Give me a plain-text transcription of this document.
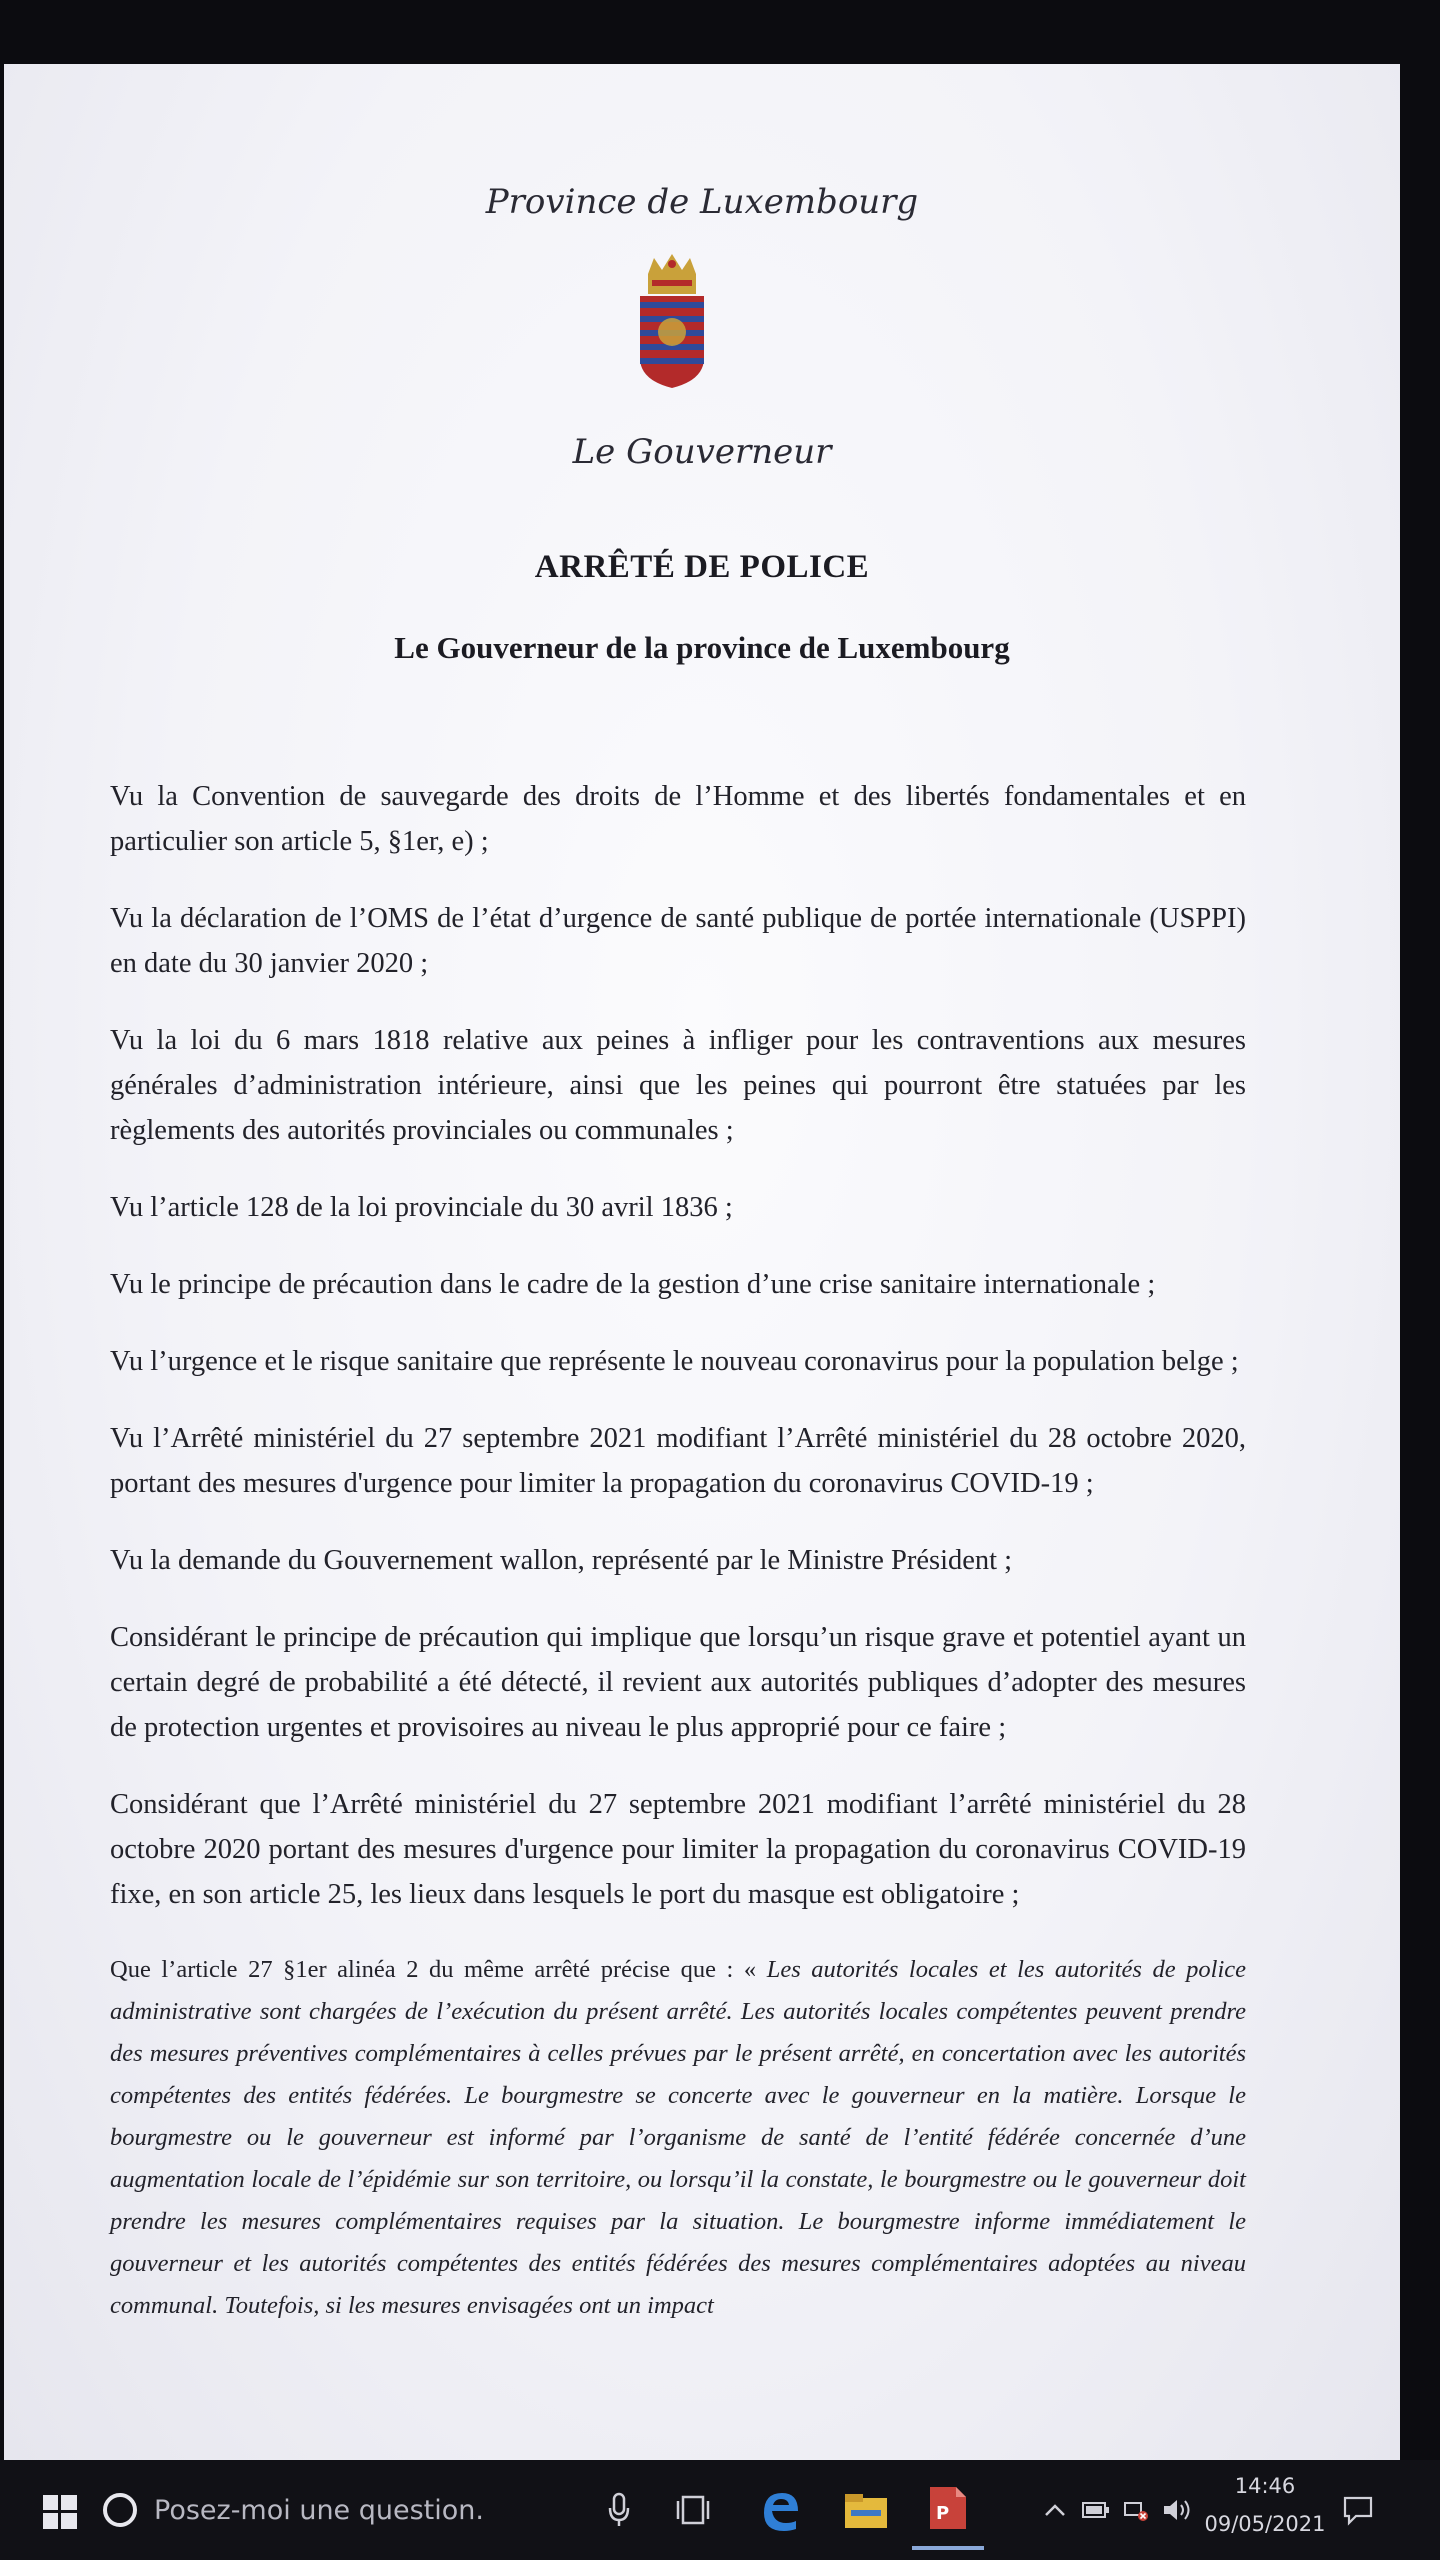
Province de Luxembourg
Le Gouverneur
ARRÊTÉ DE POLICE
Le Gouverneur de la province de Luxembourg

Vu la Convention de sauvegarde des droits de l’Homme et des libertés fondamentales et en particulier son article 5, §1er, e) ;

Vu la déclaration de l’OMS de l’état d’urgence de santé publique de portée internationale (USPPI) en date du 30 janvier 2020 ;

Vu la loi du 6 mars 1818 relative aux peines à infliger pour les contraventions aux mesures générales d’administration intérieure, ainsi que les peines qui pourront être statuées par les règlements des autorités provinciales ou communales ;

Vu l’article 128 de la loi provinciale du 30 avril 1836 ;

Vu le principe de précaution dans le cadre de la gestion d’une crise sanitaire internationale ;

Vu l’urgence et le risque sanitaire que représente le nouveau coronavirus pour la population belge ;

Vu l’Arrêté ministériel du 27 septembre 2021 modifiant l’Arrêté ministériel du 28 octobre 2020, portant des mesures d'urgence pour limiter la propagation du coronavirus COVID-19 ;

Vu la demande du Gouvernement wallon, représenté par le Ministre Président ;

Considérant le principe de précaution qui implique que lorsqu’un risque grave et potentiel ayant un certain degré de probabilité a été détecté, il revient aux autorités publiques d’adopter des mesures de protection urgentes et provisoires au niveau le plus approprié pour ce faire ;

Considérant que l’Arrêté ministériel du 27 septembre 2021 modifiant l’arrêté ministériel du 28 octobre 2020 portant des mesures d'urgence pour limiter la propagation du coronavirus COVID-19 fixe, en son article 25, les lieux dans lesquels le port du masque est obligatoire ;

Que l’article 27 §1er alinéa 2 du même arrêté précise que : « Les autorités locales et les autorités de police administrative sont chargées de l’exécution du présent arrêté. Les autorités locales compétentes peuvent prendre des mesures préventives complémentaires à celles prévues par le présent arrêté, en concertation avec les autorités compétentes des entités fédérées. Le bourgmestre se concerte avec le gouverneur en la matière. Lorsque le bourgmestre ou le gouverneur est informé par l’organisme de santé de l’entité fédérée concernée d’une augmentation locale de l’épidémie sur son territoire, ou lorsqu’il la constate, le bourgmestre ou le gouverneur doit prendre les mesures complémentaires requises par la situation. Le bourgmestre informe immédiatement le gouverneur et les autorités compétentes des entités fédérées des mesures complémentaires adoptées au niveau communal. Toutefois, si les mesures envisagées ont un impact

Posez-moi une question.	P
14:46
09/05/2021
